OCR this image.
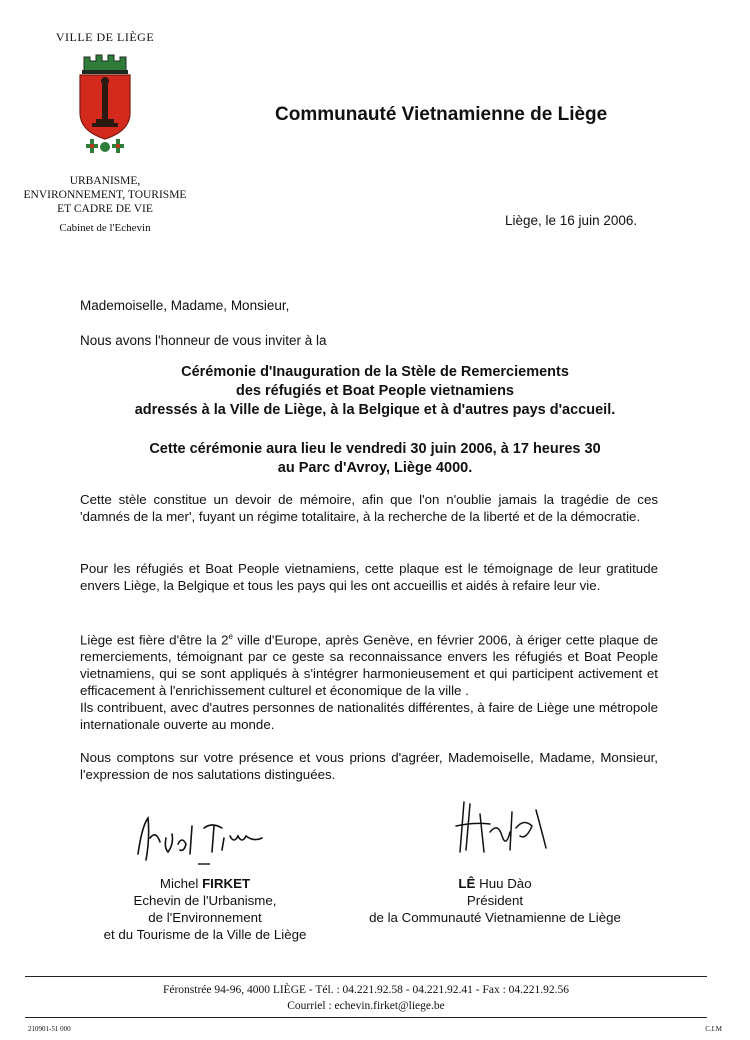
VILLE DE LIÈGE
URBANISME,
ENVIRONNEMENT, TOURISME
ET CADRE DE VIE
Cabinet de l'Echevin
Communauté Vietnamienne de Liège
Liège, le 16 juin 2006.
Mademoiselle, Madame, Monsieur,
Nous avons l'honneur de vous inviter à la
Cérémonie d'Inauguration de la Stèle de Remerciements
des réfugiés et Boat People vietnamiens
adressés à la Ville de Liège, à la Belgique et à d'autres pays d'accueil.
Cette cérémonie aura lieu le vendredi 30 juin 2006, à 17 heures 30
au Parc d'Avroy, Liège 4000.
Cette stèle constitue un devoir de mémoire, afin que l'on n'oublie jamais la tragédie de ces 'damnés de la mer', fuyant un régime totalitaire, à la recherche de la liberté et de la démocratie.
Pour les réfugiés et Boat People vietnamiens, cette plaque est le témoignage de leur gratitude envers Liège, la Belgique et tous les pays qui les ont accueillis et aidés à refaire leur vie.
Liège est fière d'être la 2e ville d'Europe, après Genève, en février 2006, à ériger cette plaque de remerciements, témoignant par ce geste sa reconnaissance envers les réfugiés et Boat People vietnamiens, qui se sont appliqués à s'intégrer harmonieusement et qui participent activement et efficacement à l'enrichissement culturel et économique de la ville .
Ils contribuent, avec d'autres personnes de nationalités différentes, à faire de Liège une métropole internationale ouverte au monde.
Nous comptons sur votre présence et vous prions d'agréer, Mademoiselle, Madame, Monsieur, l'expression de nos salutations distinguées.
Michel FIRKET
Echevin de l'Urbanisme,
de l'Environnement
et du Tourisme de la Ville de Liège
LÊ Huu Dào
Président
de la Communauté Vietnamienne de Liège
Féronstrée 94-96, 4000 LIÈGE - Tél. : 04.221.92.58 - 04.221.92.41 - Fax : 04.221.92.56
Courriel : echevin.firket@liege.be
210901-51 000	C.I.M
